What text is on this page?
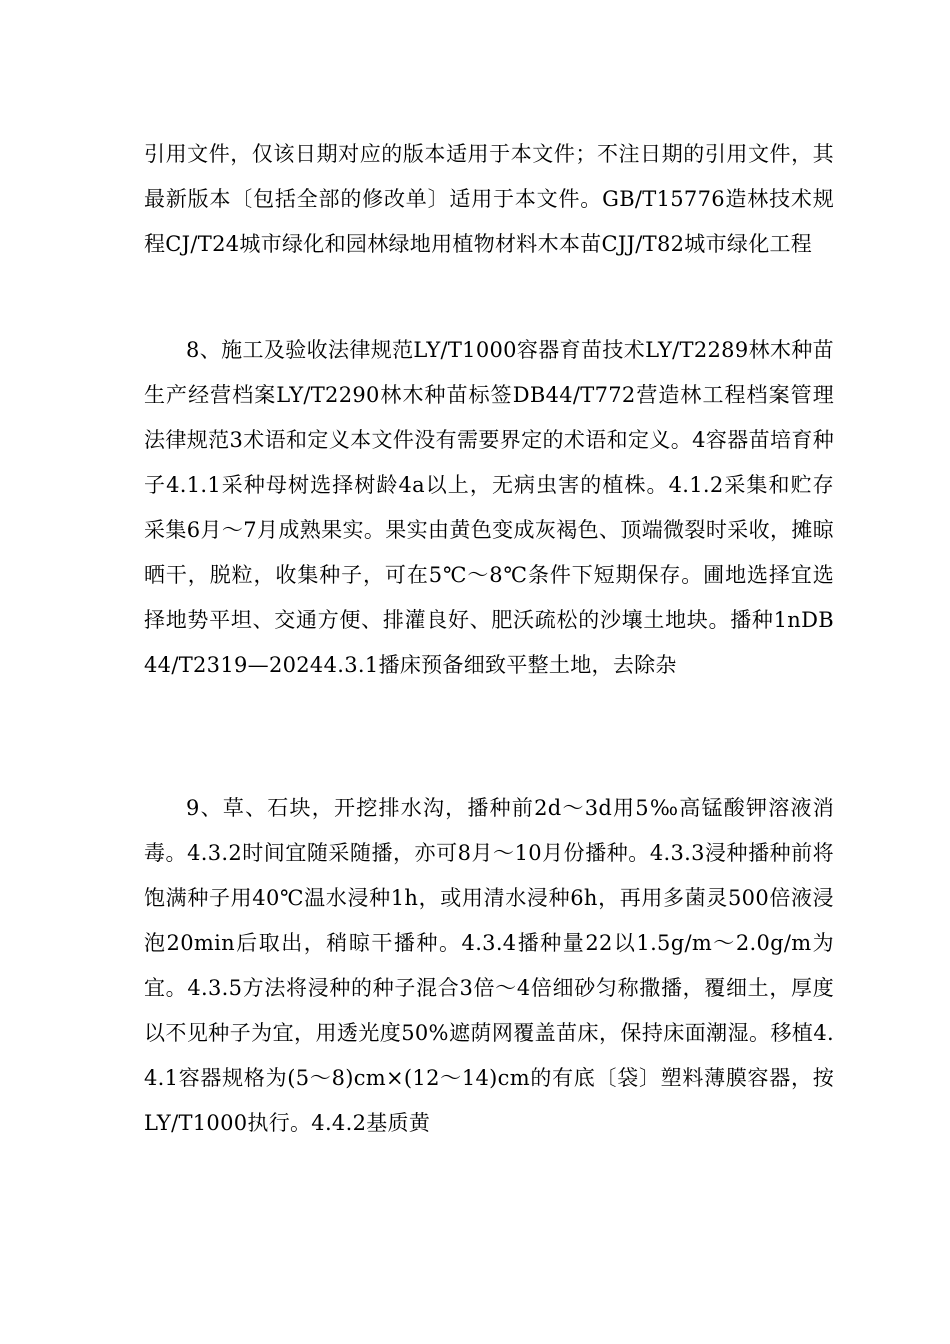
引用文件，仅该日期对应的版本适用于本文件；不注日期的引用文件，其最新版本〔包括全部的修改单〕适用于本文件。GB/T15776造林技术规程CJ/T24城市绿化和园林绿地用植物材料木本苗CJJ/T82城市绿化工程

8、施工及验收法律规范LY/T1000容器育苗技术LY/T2289林木种苗生产经营档案LY/T2290林木种苗标签DB44/T772营造林工程档案管理法律规范3术语和定义本文件没有需要界定的术语和定义。4容器苗培育种子4.1.1采种母树选择树龄4a以上，无病虫害的植株。4.1.2采集和贮存采集6月～7月成熟果实。果实由黄色变成灰褐色、顶端微裂时采收，摊晾晒干，脱粒，收集种子，可在5℃～8℃条件下短期保存。圃地选择宜选择地势平坦、交通方便、排灌良好、肥沃疏松的沙壤土地块。播种1nDB44/T2319—20244.3.1播床预备细致平整土地，去除杂

9、草、石块，开挖排水沟，播种前2d～3d用5‰高锰酸钾溶液消毒。4.3.2时间宜随采随播，亦可8月～10月份播种。4.3.3浸种播种前将饱满种子用40℃温水浸种1h，或用清水浸种6h，再用多菌灵500倍液浸泡20min后取出，稍晾干播种。4.3.4播种量22以1.5g/m～2.0g/m为宜。4.3.5方法将浸种的种子混合3倍～4倍细砂匀称撒播，覆细土，厚度以不见种子为宜，用透光度50%遮荫网覆盖苗床，保持床面潮湿。移植4.4.1容器规格为(5～8)cm×(12～14)cm的有底〔袋〕塑料薄膜容器，按LY/T1000执行。4.4.2基质黄
